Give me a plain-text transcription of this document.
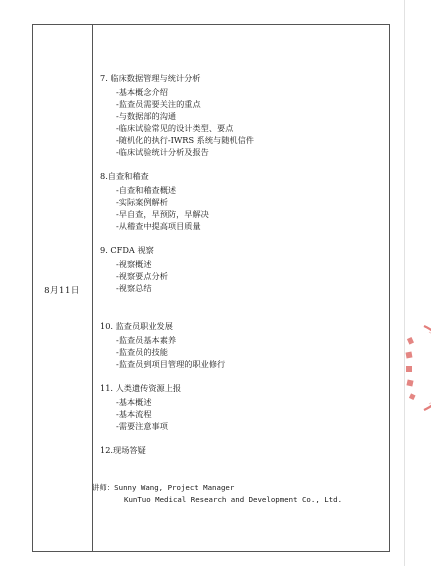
8月11日
7. 临床数据管理与统计分析
-基本概念介绍
-监查员需要关注的重点
-与数据部的沟通
-临床试验常见的设计类型、要点
-随机化的执行-IWRS 系统与随机信件
-临床试验统计分析及报告
8.自查和稽查
-自查和稽查概述
-实际案例解析
-早自查，早预防，早解决
-从稽查中提高项目质量
9. CFDA 视察
-视察概述
-视察要点分析
-视察总结
10. 监查员职业发展
-监查员基本素养
-监查员的技能
-监查员到项目管理的职业修行
11. 人类遗传资源上报
-基本概述
-基本流程
-需要注意事项
12.现场答疑
讲师：Sunny Wang, Project Manager
KunTuo Medical Research and Development Co., Ltd.
